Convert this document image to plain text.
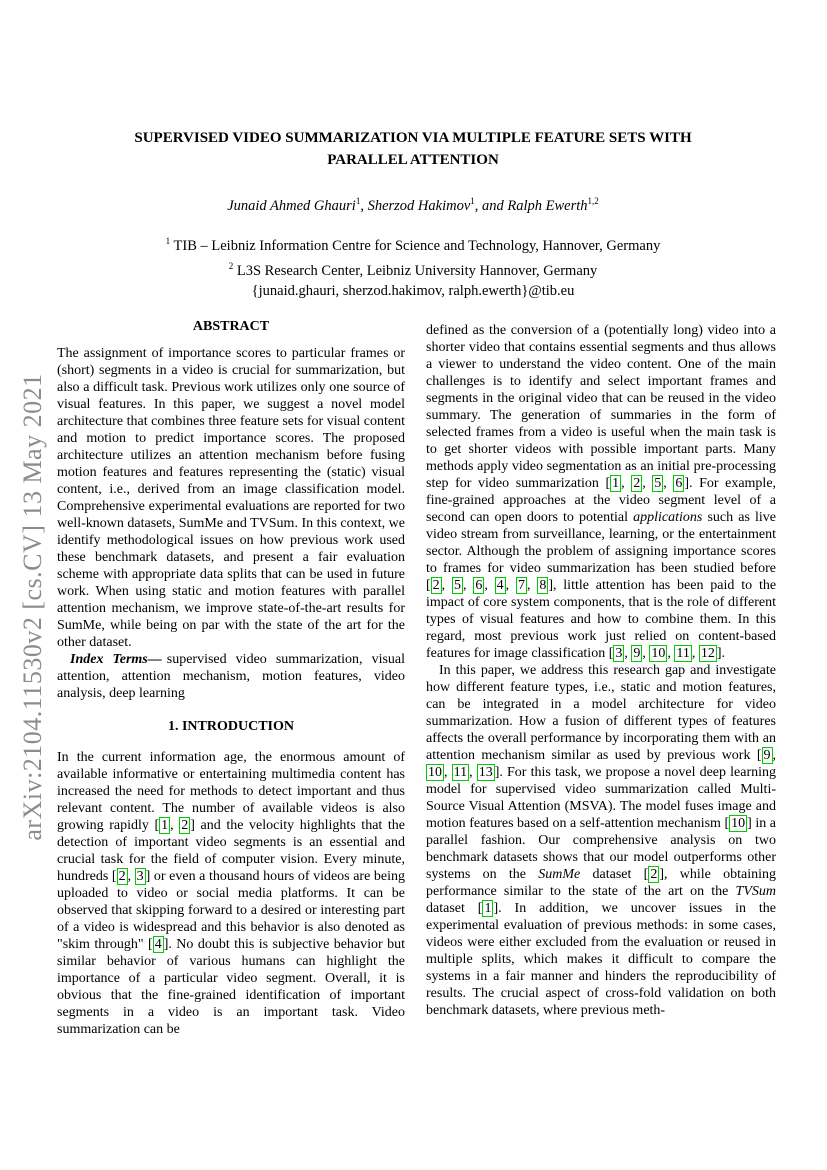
arXiv:2104.11530v2 [cs.CV] 13 May 2021
SUPERVISED VIDEO SUMMARIZATION VIA MULTIPLE FEATURE SETS WITH
PARALLEL ATTENTION
Junaid Ahmed Ghauri$^1$, Sherzod Hakimov$^1$, and Ralph Ewerth$^{1,2}$
$^1$ TIB – Leibniz Information Centre for Science and Technology, Hannover, Germany
$^2$ L3S Research Center, Leibniz University Hannover, Germany
{junaid.ghauri, sherzod.hakimov, ralph.ewerth}@tib.eu
ABSTRACT

The assignment of importance scores to particular frames or (short) segments in a video is crucial for summarization, but also a difficult task. Previous work utilizes only one source of visual features. In this paper, we suggest a novel model architecture that combines three feature sets for visual content and motion to predict importance scores. The proposed architecture utilizes an attention mechanism before fusing motion features and features representing the (static) visual content, i.e., derived from an image classification model. Comprehensive experimental evaluations are reported for two well-known datasets, SumMe and TVSum. In this context, we identify methodological issues on how previous work used these benchmark datasets, and present a fair evaluation scheme with appropriate data splits that can be used in future work. When using static and motion features with parallel attention mechanism, we improve state-of-the-art results for SumMe, while being on par with the state of the art for the other dataset.

Index Terms— supervised video summarization, visual attention, attention mechanism, motion features, video analysis, deep learning

1. INTRODUCTION

In the current information age, the enormous amount of available informative or entertaining multimedia content has increased the need for methods to detect important and thus relevant content. The number of available videos is also growing rapidly [ 1 , 2 ] and the velocity highlights that the detection of important video segments is an essential and crucial task for the field of computer vision. Every minute, hundreds [ 2 , 3 ] or even a thousand hours of videos are being uploaded to video or social media platforms. It can be observed that skipping forward to a desired or interesting part of a video is widespread and this behavior is also denoted as "skim through" [ 4 ]. No doubt this is subjective behavior but similar behavior of various humans can highlight the importance of a particular video segment. Overall, it is obvious that the fine-grained identification of important segments in a video is an important task. Video summarization can be

defined as the conversion of a (potentially long) video into a shorter video that contains essential segments and thus allows a viewer to understand the video content. One of the main challenges is to identify and select important frames and segments in the original video that can be reused in the video summary. The generation of summaries in the form of selected frames from a video is useful when the main task is to get shorter videos with possible important parts. Many methods apply video segmentation as an initial pre-processing step for video summarization [ 1 , 2 , 5 , 6 ]. For example, fine-grained approaches at the video segment level of a second can open doors to potential applications such as live video stream from surveillance, learning, or the entertainment sector. Although the problem of assigning importance scores to frames for video summarization has been studied before [ 2 , 5 , 6 , 4 , 7 , 8 ], little attention has been paid to the impact of core system components, that is the role of different types of visual features and how to combine them. In this regard, most previous work just relied on content-based features for image classification [ 3 , 9 , 10 , 11 , 12 ].

In this paper, we address this research gap and investigate how different feature types, i.e., static and motion features, can be integrated in a model architecture for video summarization. How a fusion of different types of features affects the overall performance by incorporating them with an attention mechanism similar as used by previous work [ 9 , 10 , 11 , 13 ]. For this task, we propose a novel deep learning model for supervised video summarization called Multi-Source Visual Attention (MSVA). The model fuses image and motion features based on a self-attention mechanism [ 10 ] in a parallel fashion. Our comprehensive analysis on two benchmark datasets shows that our model outperforms other systems on the SumMe dataset [ 2 ], while obtaining performance similar to the state of the art on the TVSum dataset [ 1 ]. In addition, we uncover issues in the experimental evaluation of previous methods: in some cases, videos were either excluded from the evaluation or reused in multiple splits, which makes it difficult to compare the systems in a fair manner and hinders the reproducibility of results. The crucial aspect of cross-fold validation on both benchmark datasets, where previous meth-
